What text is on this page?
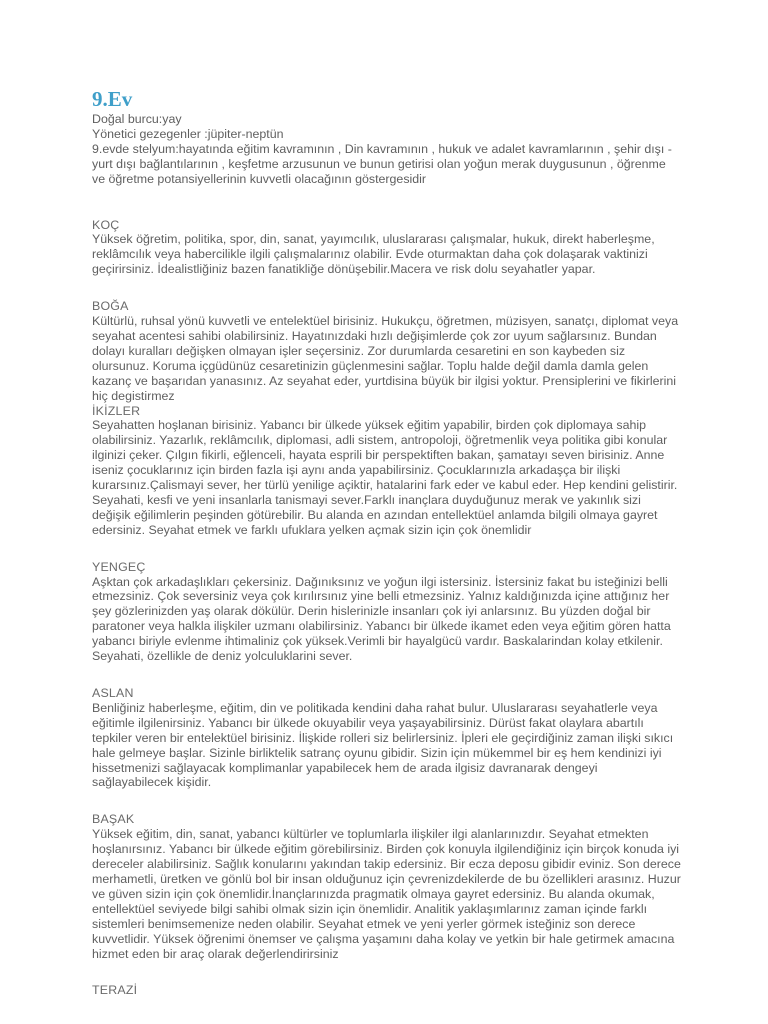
9.Ev

Doğal burcu:yay

Yönetici gezegenler :jüpiter-neptün

9.evde stelyum:hayatında eğitim kavramının , Din kavramının , hukuk ve adalet kavramlarının , şehir dışı - yurt dışı bağlantılarının , keşfetme arzusunun ve bunun getirisi olan yoğun merak duygusunun , öğrenme ve öğretme potansiyellerinin kuvvetli olacağının göstergesidir

KOÇ

Yüksek öğretim, politika, spor, din, sanat, yayımcılık, uluslararası çalışmalar, hukuk, direkt haberleşme, reklâmcılık veya habercilikle ilgili çalışmalarınız olabilir. Evde oturmaktan daha çok dolaşarak vaktinizi geçirirsiniz. İdealistliğiniz bazen fanatikliğe dönüşebilir.Macera ve risk dolu seyahatler yapar.

BOĞA

Kültürlü, ruhsal yönü kuvvetli ve entelektüel birisiniz. Hukukçu, öğretmen, müzisyen, sanatçı, diplomat veya seyahat acentesi sahibi olabilirsiniz. Hayatınızdaki hızlı değişimlerde çok zor uyum sağlarsınız. Bundan dolayı kuralları değişken olmayan işler seçersiniz. Zor durumlarda cesaretini en son kaybeden siz olursunuz. Koruma içgüdünüz cesaretinizin güçlenmesini sağlar. Toplu halde değil damla damla gelen kazanç ve başarıdan yanasınız. Az seyahat eder, yurtdisina büyük bir ilgisi yoktur. Prensiplerini ve fikirlerini hiç degistirmez

İKİZLER

Seyahatten hoşlanan birisiniz. Yabancı bir ülkede yüksek eğitim yapabilir, birden çok diplomaya sahip olabilirsiniz. Yazarlık, reklâmcılık, diplomasi, adli sistem, antropoloji, öğretmenlik veya politika gibi konular ilginizi çeker. Çılgın fikirli, eğlenceli, hayata esprili bir perspektiften bakan, şamatayı seven birisiniz. Anne iseniz çocuklarınız için birden fazla işi aynı anda yapabilirsiniz. Çocuklarınızla arkadaşça bir ilişki kurarsınız.Çalismayi sever, her türlü yenilige açiktir, hatalarini fark eder ve kabul eder. Hep kendini gelistirir. Seyahati, kesfi ve yeni insanlarla tanismayi sever.Farklı inançlara duyduğunuz merak ve yakınlık sizi değişik eğilimlerin peşinden götürebilir. Bu alanda en azından entellektüel anlamda bilgili olmaya gayret edersiniz. Seyahat etmek ve farklı ufuklara yelken açmak sizin için çok önemlidir

YENGEÇ

Aşktan çok arkadaşlıkları çekersiniz. Dağınıksınız ve yoğun ilgi istersiniz. İstersiniz fakat bu isteğinizi belli etmezsiniz. Çok seversiniz veya çok kırılırsınız yine belli etmezsiniz. Yalnız kaldığınızda içine attığınız her şey gözlerinizden yaş olarak dökülür. Derin hislerinizle insanları çok iyi anlarsınız. Bu yüzden doğal bir paratoner veya halkla ilişkiler uzmanı olabilirsiniz. Yabancı bir ülkede ikamet eden veya eğitim gören hatta yabancı biriyle evlenme ihtimaliniz çok yüksek.Verimli bir hayalgücü vardır. Baskalarindan kolay etkilenir. Seyahati, özellikle de deniz yolculuklarini sever.

ASLAN

Benliğiniz haberleşme, eğitim, din ve politikada kendini daha rahat bulur. Uluslararası seyahatlerle veya eğitimle ilgilenirsiniz. Yabancı bir ülkede okuyabilir veya yaşayabilirsiniz. Dürüst fakat olaylara abartılı tepkiler veren bir entelektüel birisiniz. İlişkide rolleri siz belirlersiniz. İpleri ele geçirdiğiniz zaman ilişki sıkıcı hale gelmeye başlar. Sizinle birliktelik satranç oyunu gibidir. Sizin için mükemmel bir eş hem kendinizi iyi hissetmenizi sağlayacak komplimanlar yapabilecek hem de arada ilgisiz davranarak dengeyi sağlayabilecek kişidir.

BAŞAK

Yüksek eğitim, din, sanat, yabancı kültürler ve toplumlarla ilişkiler ilgi alanlarınızdır. Seyahat etmekten hoşlanırsınız. Yabancı bir ülkede eğitim görebilirsiniz. Birden çok konuyla ilgilendiğiniz için birçok konuda iyi dereceler alabilirsiniz. Sağlık konularını yakından takip edersiniz. Bir ecza deposu gibidir eviniz. Son derece merhametli, üretken ve gönlü bol bir insan olduğunuz için çevrenizdekilerde de bu özellikleri arasınız. Huzur ve güven sizin için çok önemlidir.İnançlarınızda pragmatik olmaya gayret edersiniz. Bu alanda okumak, entellektüel seviyede bilgi sahibi olmak sizin için önemlidir. Analitik yaklaşımlarınız zaman içinde farklı sistemleri benimsemenize neden olabilir. Seyahat etmek ve yeni yerler görmek isteğiniz son derece kuvvetlidir. Yüksek öğrenimi önemser ve çalışma yaşamını daha kolay ve yetkin bir hale getirmek amacına hizmet eden bir araç olarak değerlendirirsiniz

TERAZİ
